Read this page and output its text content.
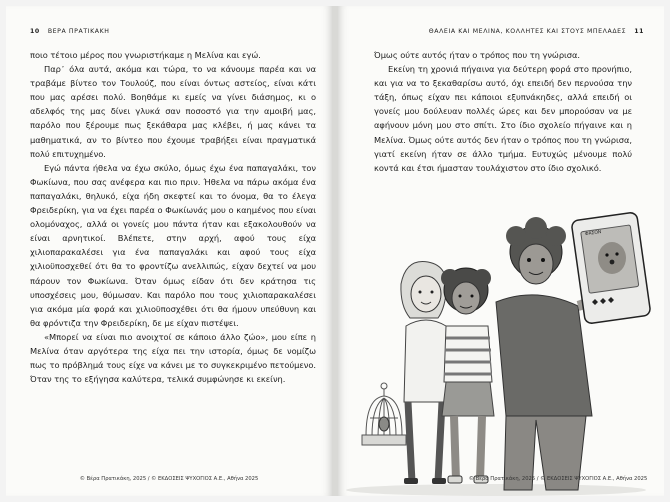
10 ΒΕΡΑ ΠΡΑΤΙΚΑΚΗ

ποιο τέτοιο μέρος που γνωριστήκαμε η Μελίνα και εγώ.

Παρ᾽ όλα αυτά, ακόμα και τώρα, το να κάνουμε παρέα και να τραβάμε βίντεο τον Τουλούζ, που είναι όντως αστείος, είναι κάτι που μας αρέσει πολύ. Βοηθάμε κι εμείς να γίνει διάσημος, κι ο αδελφός της μας δίνει γλυκά σαν ποσοστό για την αμοιβή μας, παρόλο που ξέρουμε πως ξεκάθαρα μας κλέβει, ή μας κάνει τα μαθηματικά, αν το βίντεο που έχουμε τραβήξει είναι πραγματικά πολύ επιτυχημένο.

Εγώ πάντα ήθελα να έχω σκύλο, όμως έχω ένα παπαγαλάκι, τον Φωκίωνα, που σας ανέφερα και πιο πριν. Ήθελα να πάρω ακόμα ένα παπαγαλάκι, θηλυκό, είχα ήδη σκεφτεί και το όνομα, θα το έλεγα Φρειδερίκη, για να έχει παρέα ο Φωκίωνάς μου ο καημένος που είναι ολομόναχος, αλλά οι γονείς μου πάντα ήταν και εξακολουθούν να είναι αρνητικοί. Βλέπετε, στην αρχή, αφού τους είχα χιλιοπαρακαλέσει για ένα παπαγαλάκι και αφού τους είχα χιλιοϋποσχεθεί ότι θα το φροντίζω ανελλιπώς, είχαν δεχτεί να μου πάρουν τον Φωκίωνα. Όταν όμως είδαν ότι δεν κράτησα τις υποσχέσεις μου, θύμωσαν. Και παρόλο που τους χιλιοπαρακαλέσει για ακόμα μία φορά και χιλιοϋποσχέθει ότι θα ήμουν υπεύθυνη και θα φρόντιζα την Φρειδερίκη, δε με είχαν πιστέψει.

«Μπορεί να είναι πιο ανοιχτοί σε κάποιο άλλο ζώο», μου είπε η Μελίνα όταν αργότερα της είχα πει την ιστορία, όμως δε νομίζω πως το πρόβλημά τους είχε να κάνει με το συγκεκριμένο πετούμενο. Όταν της το εξήγησα καλύτερα, τελικά συμφώνησε κι εκείνη.

© Βέρα Πρατικάκη, 2025 / © ΕΚΔΟΣΕΙΣ ΨΥΧΟΓΙΟΣ Α.Ε., Αθήνα 2025
ΘΑΛΕΙΑ ΚΑΙ ΜΕΛΙΝΑ, ΚΟΛΛΗΤΕΣ ΚΑΙ ΣΤΟΥΣ ΜΠΕΛΑΔΕΣ 11

Όμως ούτε αυτός ήταν ο τρόπος που τη γνώρισα.

Εκείνη τη χρονιά πήγαινα για δεύτερη φορά στο προνήπιο, και για να το ξεκαθαρίσω αυτό, όχι επειδή δεν περνούσα την τάξη, όπως είχαν πει κάποιοι εξυπνάκηδες, αλλά επειδή οι γονείς μου δούλευαν πολλές ώρες και δεν μπορούσαν να με αφήνουν μόνη μου στο σπίτι. Στο ίδιο σχολείο πήγαινε και η Μελίνα. Όμως ούτε αυτός δεν ήταν ο τρόπος που τη γνώρισα, γιατί εκείνη ήταν σε άλλο τμήμα. Ευτυχώς μένουμε πολύ κοντά και έτσι ήμασταν τουλάχιστον στο ίδιο σχολικό.

ΦΑΣΟΝ
© Βέρα Πρατικάκη, 2025 / © ΕΚΔΟΣΕΙΣ ΨΥΧΟΓΙΟΣ Α.Ε., Αθήνα 2025
